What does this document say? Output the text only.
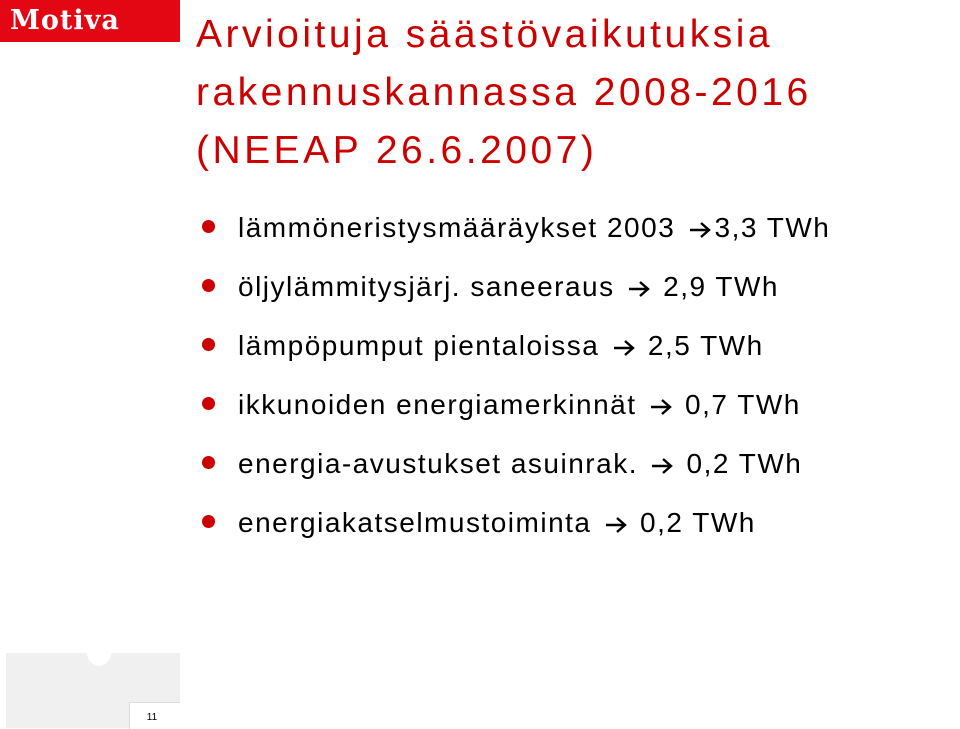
Motiva Arvioituja säästövaikutuksia
rakennuskannassa 2008-2016
(NEEAP 26.6.2007)
lämmöneristysmääräykset 2003 3,3 TWh
öljylämmitysjärj. saneeraus  2,9 TWh
lämpöpumput pientaloissa  2,5 TWh
ikkunoiden energiamerkinnät  0,7 TWh
energia-avustukset asuinrak.  0,2 TWh
energiakatselmustoiminta  0,2 TWh
11
